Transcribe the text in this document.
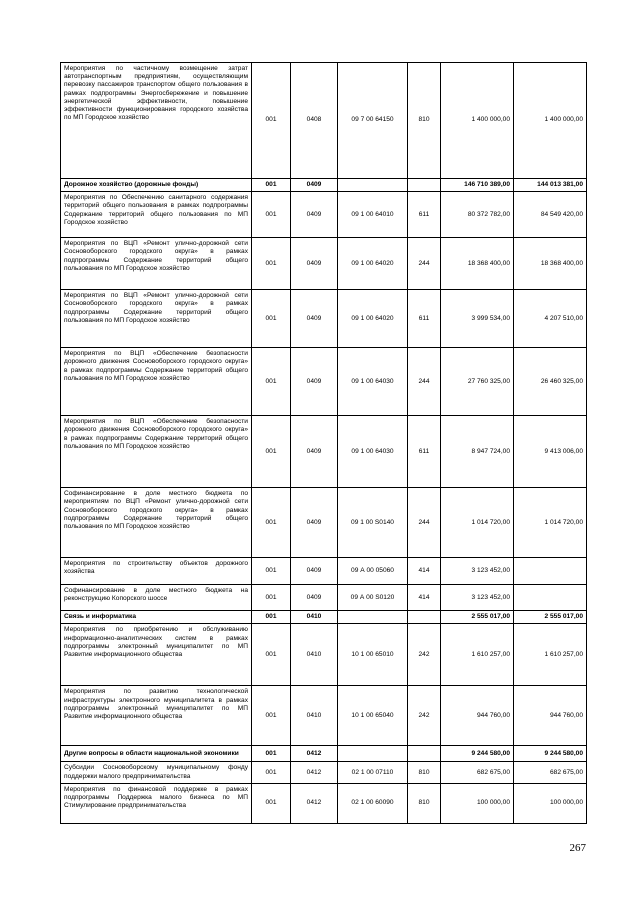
Мероприятия по частичному возмещение затрат автотранспортным предприятиям, осуществляющим перевозку пассажиров транспортом общего пользования в рамках подпрограммы Энергосбережение и повышение энергетической эффективности, повышение эффективности функционирования городского хозяйства по МП Городское хозяйство	001	0408	09 7 00 64150	810	1 400 000,00	1 400 000,00
Дорожное хозяйство (дорожные фонды)	001	0409			146 710 389,00	144 013 381,00
Мероприятия по Обеспечению санитарного содержания территорий общего пользования в рамках подпрограммы Содержание территорий общего пользования по МП Городское хозяйство	001	0409	09 1 00 64010	611	80 372 782,00	84 549 420,00
Мероприятия по ВЦП «Ремонт улично-дорожной сети Сосновоборского городского округа» в рамках подпрограммы Содержание территорий общего пользования по МП Городское хозяйство	001	0409	09 1 00 64020	244	18 368 400,00	18 368 400,00
Мероприятия по ВЦП «Ремонт улично-дорожной сети Сосновоборского городского округа» в рамках подпрограммы Содержание территорий общего пользования по МП Городское хозяйство	001	0409	09 1 00 64020	611	3 999 534,00	4 207 510,00
Мероприятия по ВЦП «Обеспечение безопасности дорожного движения Сосновоборского городского округа» в рамках подпрограммы Содержание территорий общего пользования по МП Городское хозяйство	001	0409	09 1 00 64030	244	27 760 325,00	26 460 325,00
Мероприятия по ВЦП «Обеспечение безопасности дорожного движения Сосновоборского городского округа» в рамках подпрограммы Содержание территорий общего пользования по МП Городское хозяйство	001	0409	09 1 00 64030	611	8 947 724,00	9 413 006,00
Софинансирование в доле местного бюджета по мероприятиям по ВЦП «Ремонт улично-дорожной сети Сосновоборского городского округа» в рамках подпрограммы Содержание территорий общего пользования по МП Городское хозяйство	001	0409	09 1 00 S0140	244	1 014 720,00	1 014 720,00
Мероприятия по строительству объектов дорожного хозяйства	001	0409	09 А 00 05060	414	3 123 452,00	
Софинансирование в доле местного бюджета на реконструкцию Копорского шоссе	001	0409	09 А 00 S0120	414	3 123 452,00	
Связь и информатика	001	0410			2 555 017,00	2 555 017,00
Мероприятия по приобретению и обслуживанию информационно-аналитических систем в рамках подпрограммы электронный муниципалитет по МП Развитие информационного общества	001	0410	10 1 00 65010	242	1 610 257,00	1 610 257,00
Мероприятия по развитию технологической инфраструктуры электронного муниципалитета в рамках подпрограммы электронный муниципалитет по МП Развитие информационного общества	001	0410	10 1 00 65040	242	944 760,00	944 760,00
Другие вопросы в области национальной экономики	001	0412			9 244 580,00	9 244 580,00
Субсидии Сосновоборскому муниципальному фонду поддержки малого предпринимательства	001	0412	02 1 00 07110	810	682 675,00	682 675,00
Мероприятия по финансовой поддержке в рамках подпрограммы Поддержка малого бизнеса по МП Стимулирование предпринимательства	001	0412	02 1 00 60090	810	100 000,00	100 000,00
267
